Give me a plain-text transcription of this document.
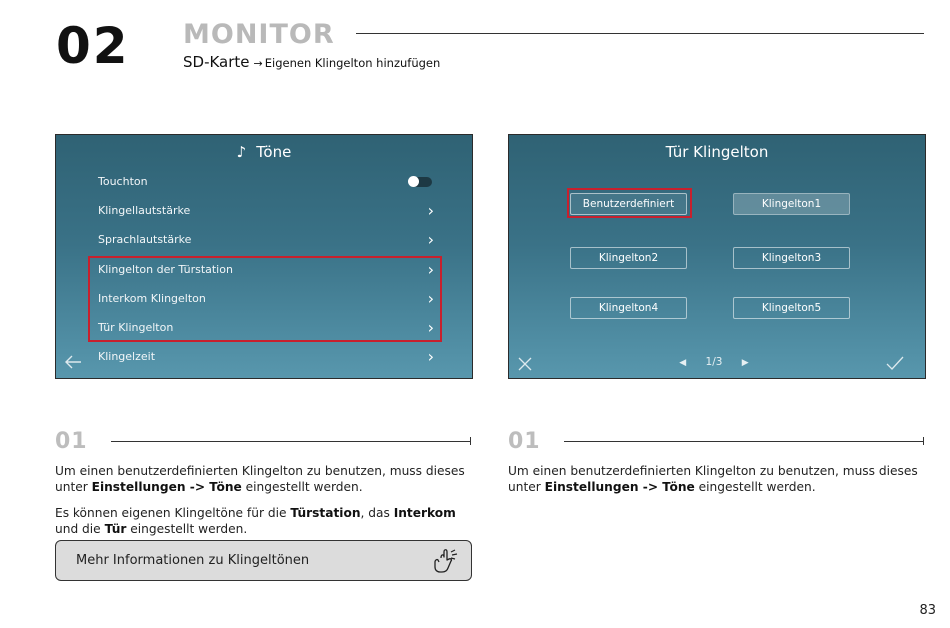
02 MONITOR
SD-Karte → Eigenen Klingelton hinzufügen
♪ Töne
Touchton
Klingellautstärke	›
Sprachlautstärke	›
Klingelton der Türstation	›
Interkom Klingelton	›
Tür Klingelton	›
Klingelzeit	›
Tür Klingelton
Benutzerdefiniert	Klingelton1
Klingelton2	Klingelton3
Klingelton4	Klingelton5
◀ 1/3 ▶
01
Um einen benutzerdefinierten Klingelton zu benutzen, muss dieses unter Einstellungen -> Töne eingestellt werden.
Es können eigenen Klingeltöne für die Türstation, das Interkom und die Tür eingestellt werden.
Mehr Informationen zu Klingeltönen
01
Um einen benutzerdefinierten Klingelton zu benutzen, muss dieses unter Einstellungen -> Töne eingestellt werden.
83
